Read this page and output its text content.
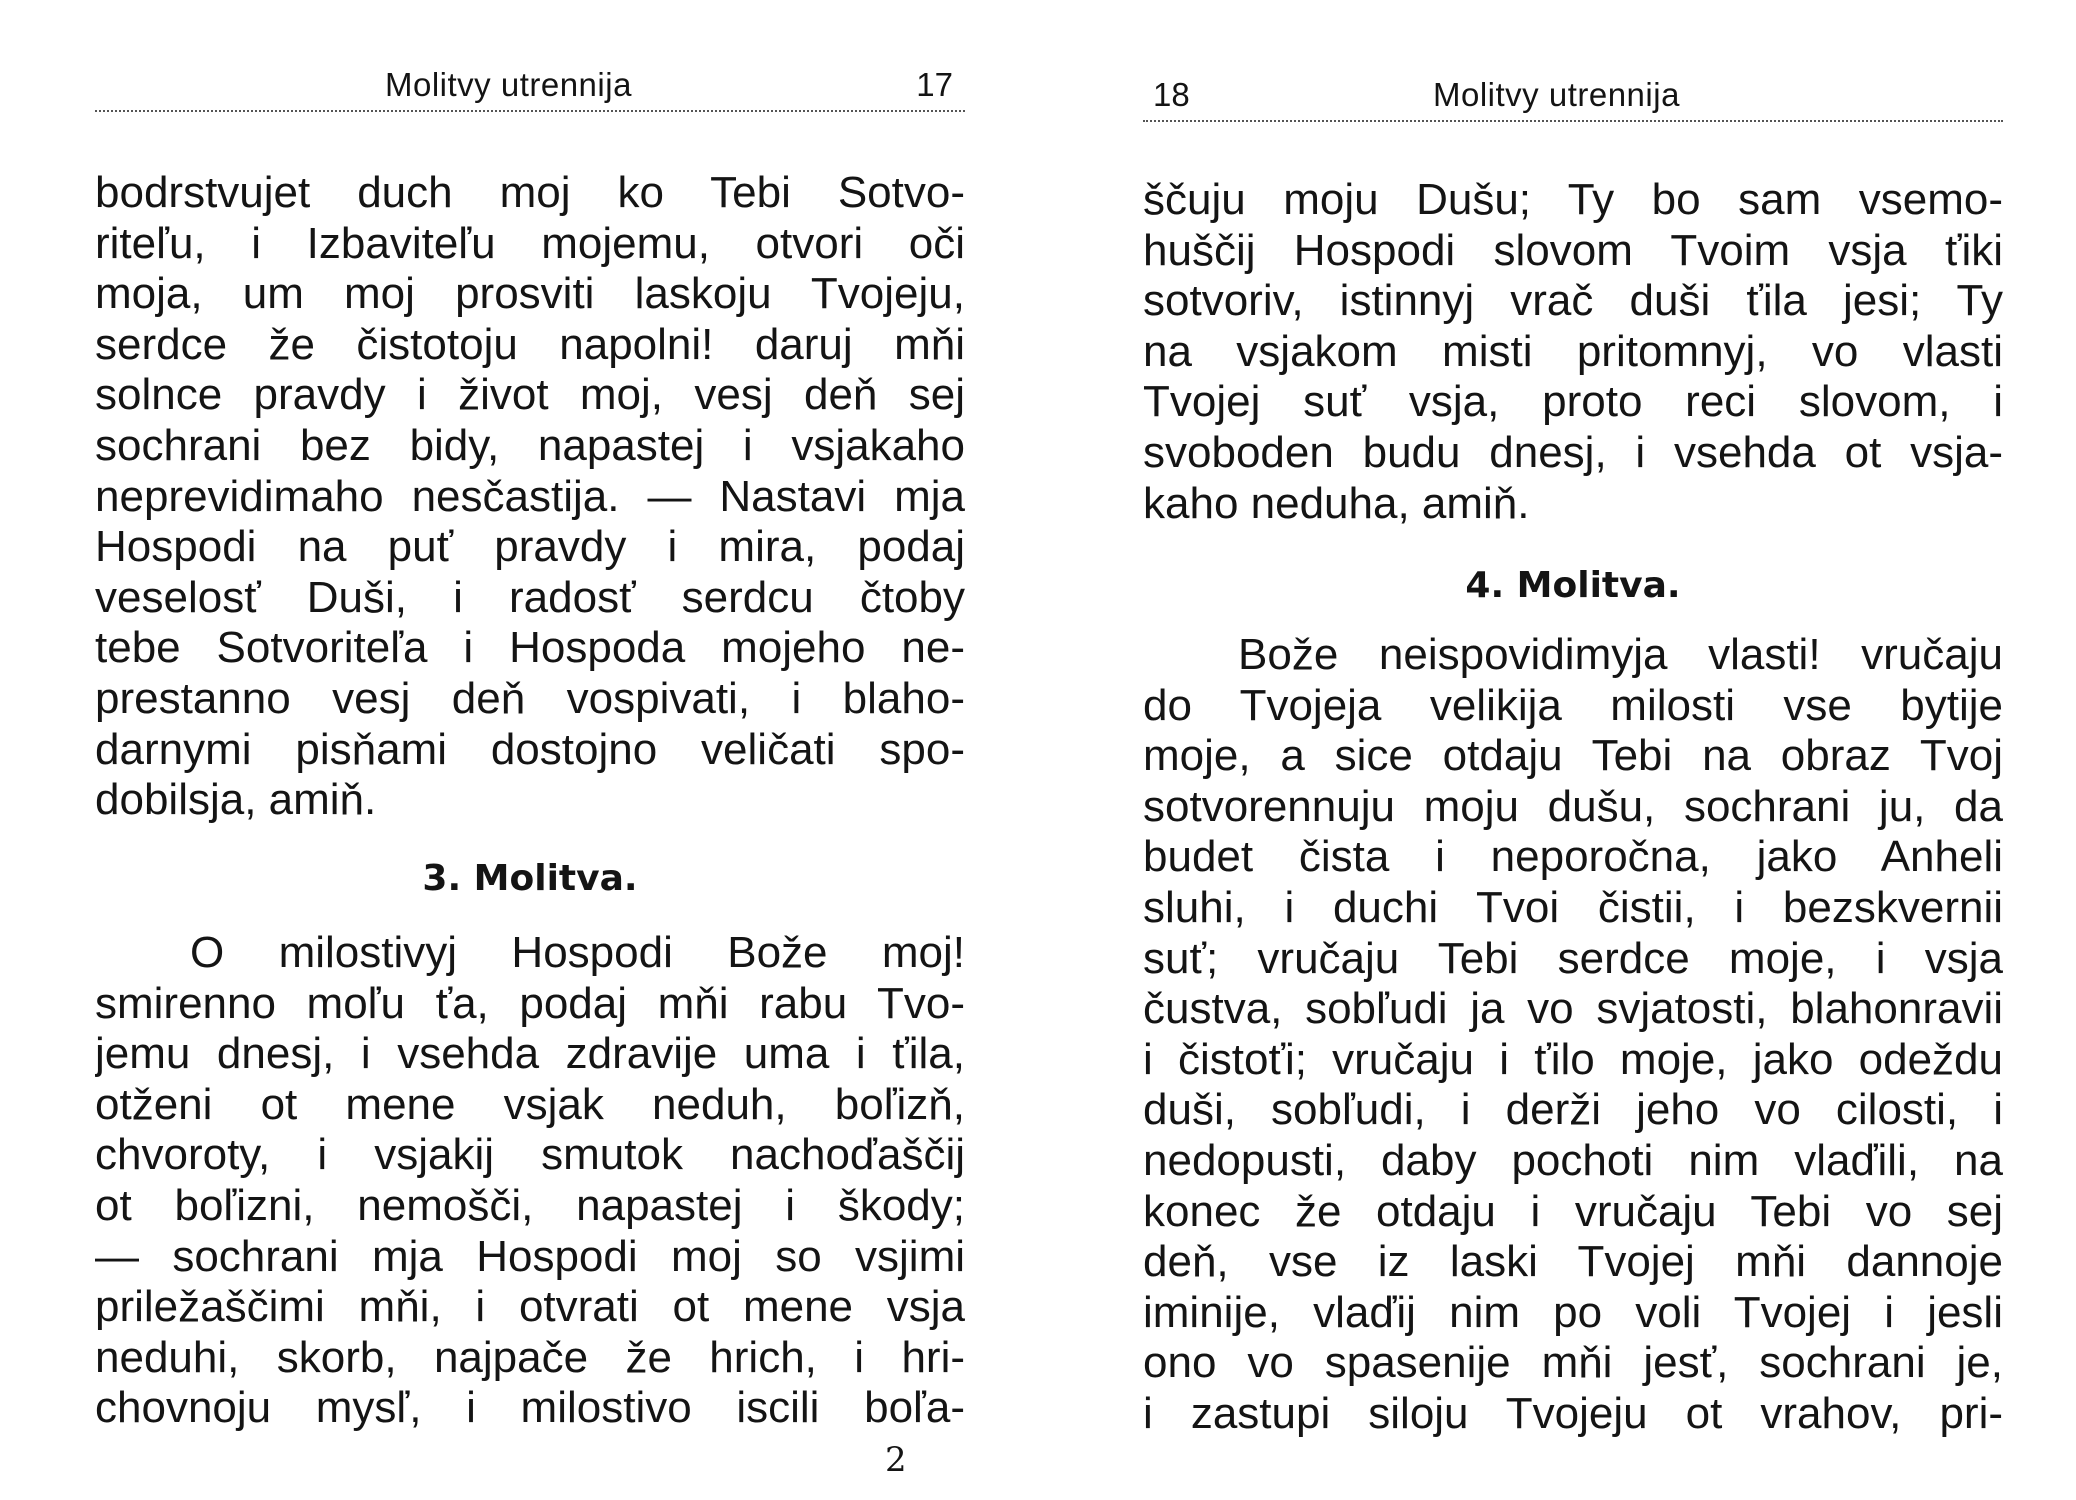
Molitvy utrennija	17
bodrstvujet duch moj ko Tebi Sotvo-
riteľu, i Izbaviteľu mojemu, otvori oči
moja, um moj prosviti laskoju Tvojeju,
serdce že čistotoju napolni! daruj mňi
solnce pravdy i život moj, vesj deň sej
sochrani bez bidy, napastej i vsjakaho
neprevidimaho nesčastija. — Nastavi mja
Hospodi na puť pravdy i mira, podaj
veselosť Duši, i radosť serdcu čtoby
tebe Sotvoriteľa i Hospoda mojeho ne-
prestanno vesj deň vospivati, i blaho-
darnymi pisňami dostojno veličati spo-
dobilsja, amiň.
3. Molitva.
O milostivyj Hospodi Bože moj!
smirenno moľu ťa, podaj mňi rabu Tvo-
jemu dnesj, i vsehda zdravije uma i ťila,
otženi ot mene vsjak neduh, boľizň,
chvoroty, i vsjakij smutok nachoďaščij
ot boľizni, nemošči, napastej i škody;
— sochrani mja Hospodi moj so vsjimi
priležaščimi mňi, i otvrati ot mene vsja
neduhi, skorb, najpače že hrich, i hri-
chovnoju mysľ, i milostivo iscili boľa-
2
18	Molitvy utrennija
ščuju moju Dušu; Ty bo sam vsemo-
huščij Hospodi slovom Tvoim vsja ťiki
sotvoriv, istinnyj vrač duši ťila jesi; Ty
na vsjakom misti pritomnyj, vo vlasti
Tvojej suť vsja, proto reci slovom, i
svoboden budu dnesj, i vsehda ot vsja-
kaho neduha, amiň.
4. Molitva.
Bože neispovidimyja vlasti! vručaju
do Tvojeja velikija milosti vse bytije
moje, a sice otdaju Tebi na obraz Tvoj
sotvorennuju moju dušu, sochrani ju, da
budet čista i neporočna, jako Anheli
sluhi, i duchi Tvoi čistii, i bezskvernii
suť; vručaju Tebi serdce moje, i vsja
čustva, sobľudi ja vo svjatosti, blahonravii
i čistoťi; vručaju i ťilo moje, jako odeždu
duši, sobľudi, i derži jeho vo cilosti, i
nedopusti, daby pochoti nim vlaďili, na
konec že otdaju i vručaju Tebi vo sej
deň, vse iz laski Tvojej mňi dannoje
iminije, vlaďij nim po voli Tvojej i jesli
ono vo spasenije mňi jesť, sochrani je,
i zastupi siloju Tvojeju ot vrahov, pri-
